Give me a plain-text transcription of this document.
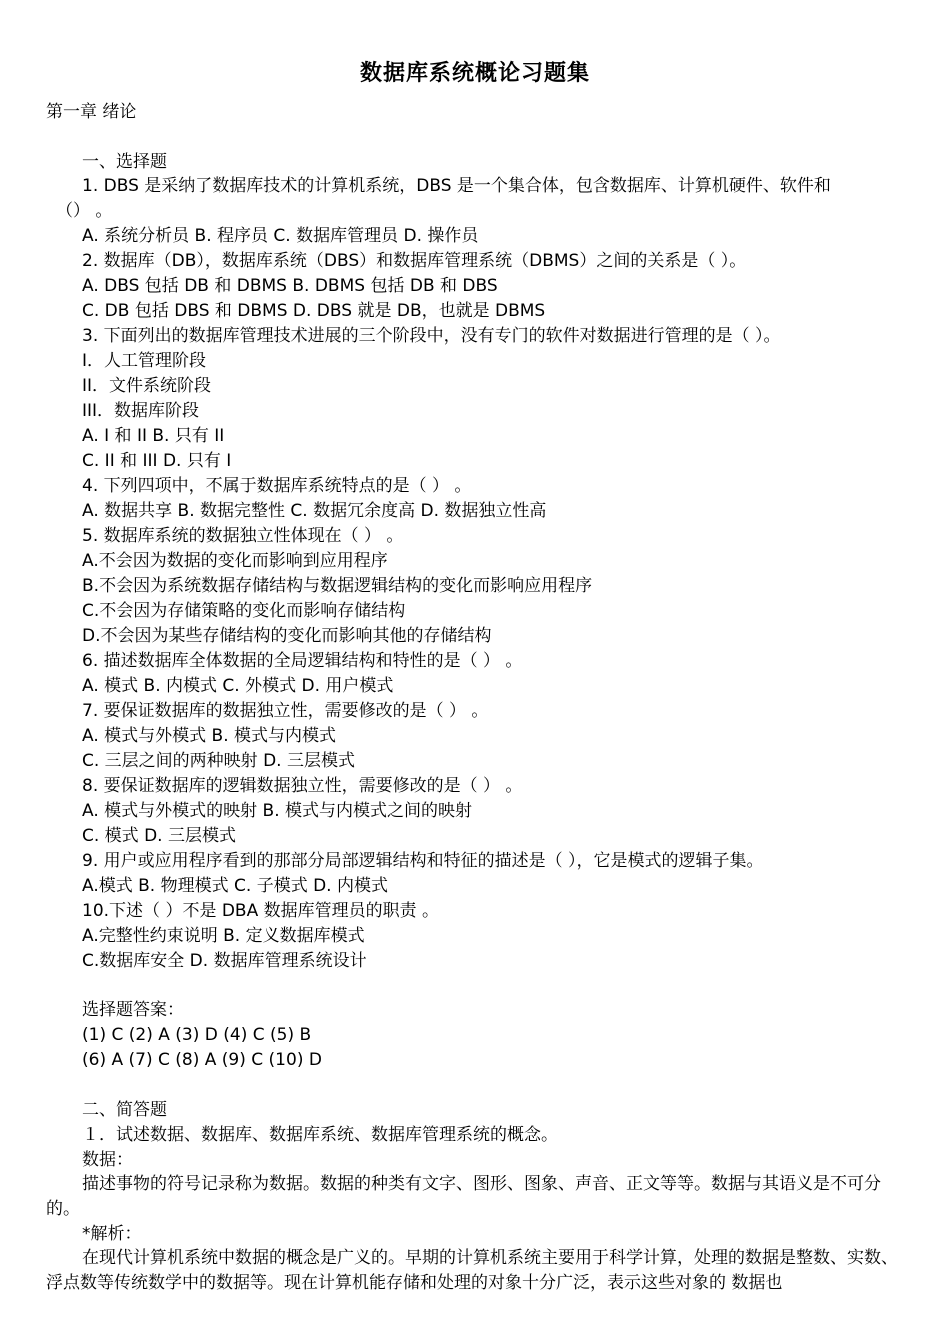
数据库系统概论习题集
第一章 绪论
一、选择题
1. DBS 是采纳了数据库技术的计算机系统，DBS 是一个集合体，包含数据库、计算机硬件、软件和
（） 。
A. 系统分析员 B. 程序员 C. 数据库管理员 D. 操作员
2. 数据库（DB），数据库系统（DBS）和数据库管理系统（DBMS）之间的关系是（ ）。
A. DBS 包括 DB 和 DBMS B. DBMS 包括 DB 和 DBS
C. DB 包括 DBS 和 DBMS D. DBS 就是 DB，也就是 DBMS
3. 下面列出的数据库管理技术进展的三个阶段中，没有专门的软件对数据进行管理的是（ ）。
I．人工管理阶段
II．文件系统阶段
III．数据库阶段
A. I 和 II B. 只有 II
C. II 和 III D. 只有 I
4. 下列四项中，不属于数据库系统特点的是（ ） 。
A. 数据共享 B. 数据完整性 C. 数据冗余度高 D. 数据独立性高
5. 数据库系统的数据独立性体现在（ ） 。
A.不会因为数据的变化而影响到应用程序
B.不会因为系统数据存储结构与数据逻辑结构的变化而影响应用程序
C.不会因为存储策略的变化而影响存储结构
D.不会因为某些存储结构的变化而影响其他的存储结构
6. 描述数据库全体数据的全局逻辑结构和特性的是（ ） 。
A. 模式 B. 内模式 C. 外模式 D. 用户模式
7. 要保证数据库的数据独立性，需要修改的是（ ） 。
A. 模式与外模式 B. 模式与内模式
C. 三层之间的两种映射 D. 三层模式
8. 要保证数据库的逻辑数据独立性，需要修改的是（ ） 。
A. 模式与外模式的映射 B. 模式与内模式之间的映射
C. 模式 D. 三层模式
9. 用户或应用程序看到的那部分局部逻辑结构和特征的描述是（ ），它是模式的逻辑子集。
A.模式 B. 物理模式 C. 子模式 D. 内模式
10.下述（ ）不是 DBA 数据库管理员的职责 。
A.完整性约束说明 B. 定义数据库模式
C.数据库安全 D. 数据库管理系统设计
选择题答案：
(1) C (2) A (3) D (4) C (5) B
(6) A (7) C (8) A (9) C (10) D
二、简答题
１．试述数据、数据库、数据库系统、数据库管理系统的概念。
数据：
描述事物的符号记录称为数据。数据的种类有文字、图形、图象、声音、正文等等。数据与其语义是不可分的。
*解析：
在现代计算机系统中数据的概念是广义的。早期的计算机系统主要用于科学计算，处理的数据是整数、实数、浮点数等传统数学中的数据等。现在计算机能存储和处理的对象十分广泛，表示这些对象的 数据也
